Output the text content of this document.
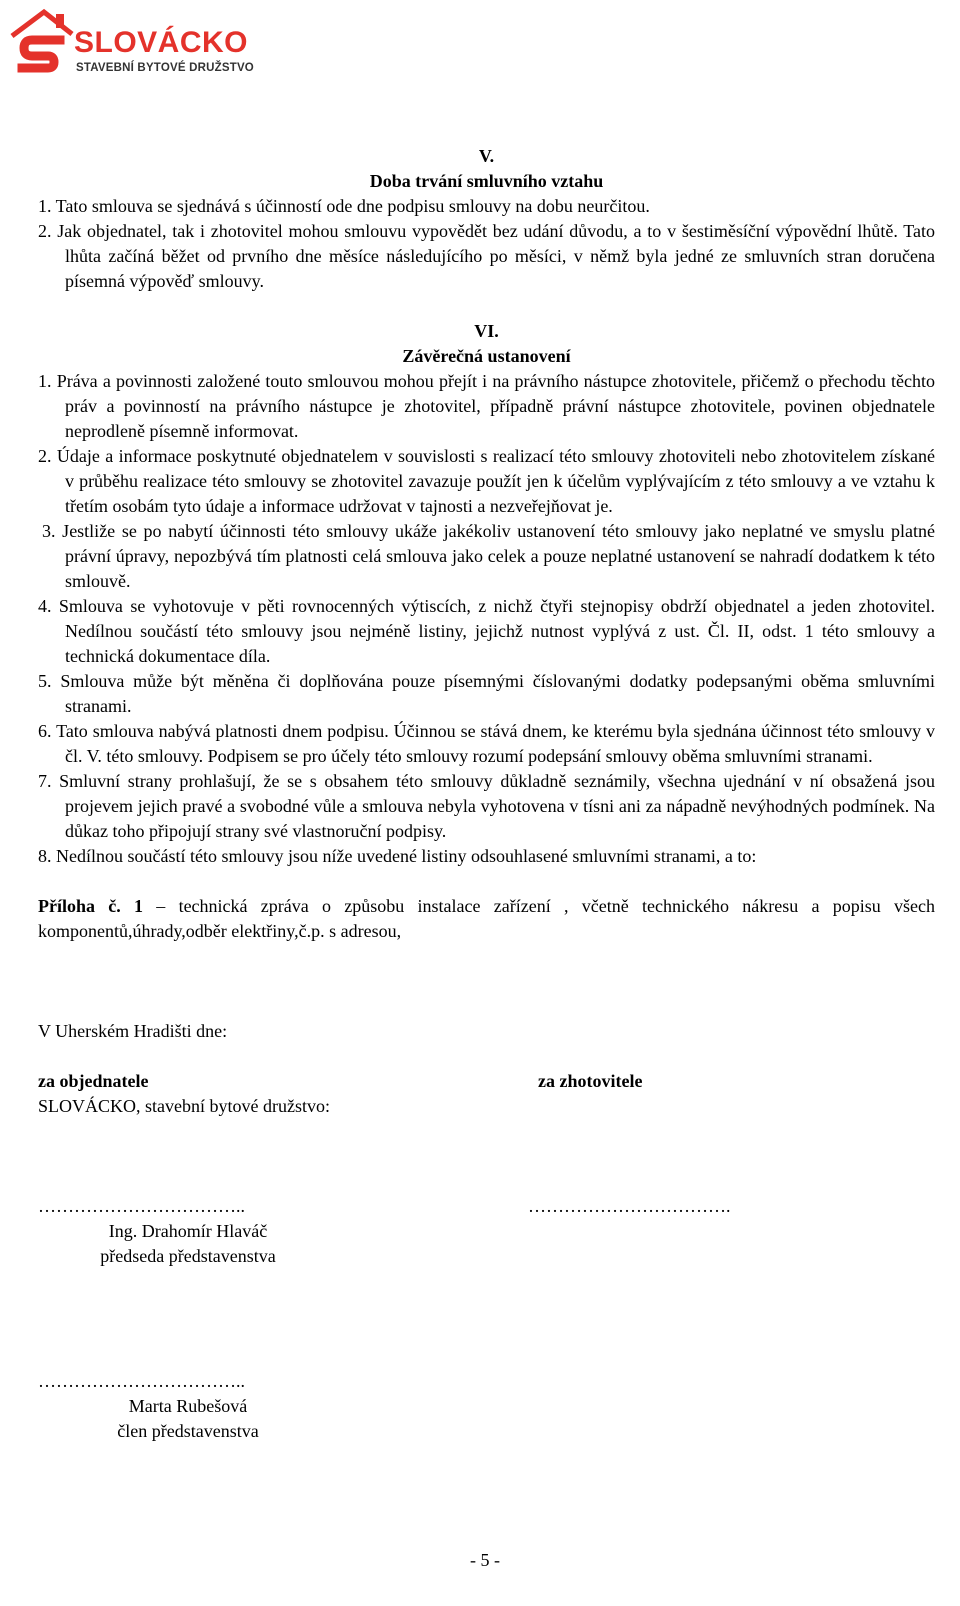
SLOVÁCKO
STAVEBNÍ BYTOVÉ DRUŽSTVO
V.
Doba trvání smluvního vztahu
1. Tato smlouva se sjednává s účinností ode dne podpisu smlouvy na dobu neurčitou.
2. Jak objednatel, tak i zhotovitel mohou smlouvu vypovědět bez udání důvodu, a to v šestiměsíční výpovědní lhůtě. Tato lhůta začíná běžet od prvního dne měsíce následujícího po měsíci, v němž byla jedné ze smluvních stran doručena písemná výpověď smlouvy.
VI.
Závěrečná ustanovení
1. Práva a povinnosti založené touto smlouvou mohou přejít i na právního nástupce zhotovitele, přičemž o přechodu těchto práv a povinností na právního nástupce je zhotovitel, případně právní nástupce zhotovitele, povinen objednatele neprodleně písemně informovat.
2. Údaje a informace poskytnuté objednatelem v souvislosti s realizací této smlouvy zhotoviteli nebo zhotovitelem získané v průběhu realizace této smlouvy se zhotovitel zavazuje použít jen k účelům vyplývajícím z této smlouvy a ve vztahu k třetím osobám tyto údaje a informace udržovat v tajnosti a nezveřejňovat je.
3. Jestliže se po nabytí účinnosti této smlouvy ukáže jakékoliv ustanovení této smlouvy jako neplatné ve smyslu platné právní úpravy, nepozbývá tím platnosti celá smlouva jako celek a pouze neplatné ustanovení se nahradí dodatkem k této smlouvě.
4. Smlouva se vyhotovuje v pěti rovnocenných výtiscích, z nichž čtyři stejnopisy obdrží objednatel a jeden zhotovitel. Nedílnou součástí této smlouvy jsou nejméně listiny, jejichž nutnost vyplývá z ust. Čl. II, odst. 1 této smlouvy a technická dokumentace díla.
5. Smlouva může být měněna či doplňována pouze písemnými číslovanými dodatky podepsanými oběma smluvními stranami.
6. Tato smlouva nabývá platnosti dnem podpisu. Účinnou se stává dnem, ke kterému byla sjednána účinnost této smlouvy v čl. V. této smlouvy. Podpisem se pro účely této smlouvy rozumí podepsání smlouvy oběma smluvními stranami.
7. Smluvní strany prohlašují, že se s obsahem této smlouvy důkladně seznámily, všechna ujednání v ní obsažená jsou projevem jejich pravé a svobodné vůle a smlouva nebyla vyhotovena v tísni ani za nápadně nevýhodných podmínek. Na důkaz toho připojují strany své vlastnoruční podpisy.
8. Nedílnou součástí této smlouvy jsou níže uvedené listiny odsouhlasené smluvními stranami, a to:
Příloha č. 1 – technická zpráva o způsobu instalace zařízení , včetně technického nákresu a popisu všech komponentů,úhrady,odběr elektřiny,č.p. s adresou,
V Uherském Hradišti dne:
za objednatele	za zhotovitele
SLOVÁCKO, stavební bytové družstvo:
……………………………..	…………………………….
Ing. Drahomír Hlaváč
předseda představenstva
……………………………..
Marta Rubešová
člen představenstva
- 5 -
